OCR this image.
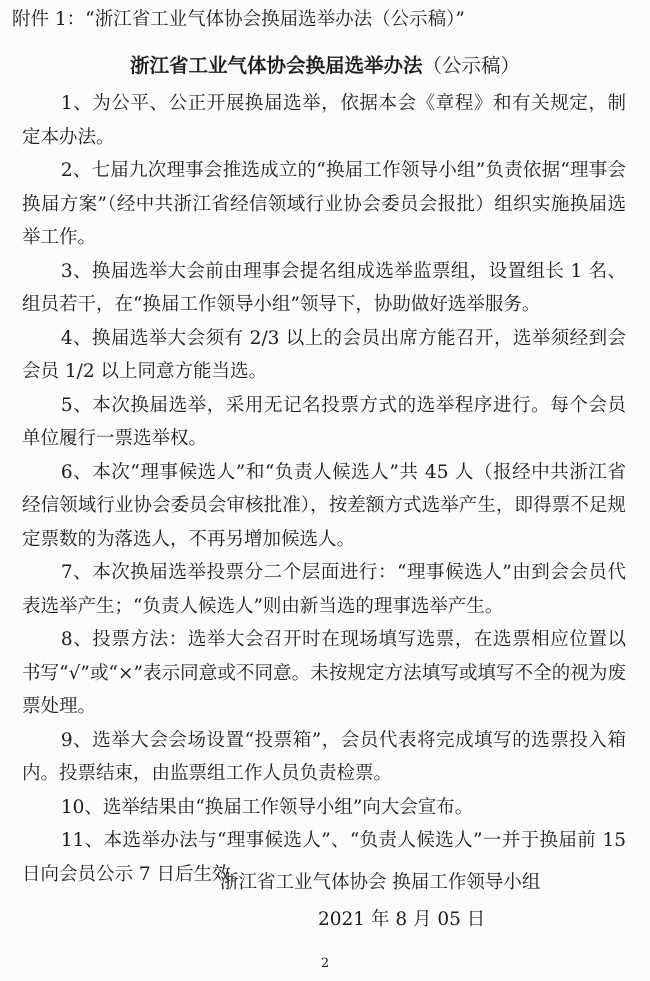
附件 1：“浙江省工业气体协会换届选举办法（公示稿）”
浙江省工业气体协会换届选举办法（公示稿）

1、为公平、公正开展换届选举，依据本会《章程》和有关规定，制定本办法。

2、七届九次理事会推选成立的“换届工作领导小组”负责依据“理事会换届方案”（经中共浙江省经信领域行业协会委员会报批）组织实施换届选举工作。

3、换届选举大会前由理事会提名组成选举监票组，设置组长 1 名、组员若干，在“换届工作领导小组”领导下，协助做好选举服务。

4、换届选举大会须有 2/3 以上的会员出席方能召开，选举须经到会会员 1/2 以上同意方能当选。

5、本次换届选举，采用无记名投票方式的选举程序进行。每个会员单位履行一票选举权。

6、本次“理事候选人”和“负责人候选人”共 45 人（报经中共浙江省经信领域行业协会委员会审核批准），按差额方式选举产生，即得票不足规定票数的为落选人，不再另增加候选人。

7、本次换届选举投票分二个层面进行：“理事候选人”由到会会员代表选举产生；“负责人候选人”则由新当选的理事选举产生。

8、投票方法：选举大会召开时在现场填写选票，在选票相应位置以书写“√”或“×”表示同意或不同意。未按规定方法填写或填写不全的视为废票处理。

9、选举大会会场设置“投票箱”，会员代表将完成填写的选票投入箱内。投票结束，由监票组工作人员负责检票。

10、选举结果由“换届工作领导小组”向大会宣布。

11、本选举办法与“理事候选人”、“负责人候选人”一并于换届前 15 日向会员公示 7 日后生效。

浙江省工业气体协会 换届工作领导小组
2021 年 8 月 05 日
2
